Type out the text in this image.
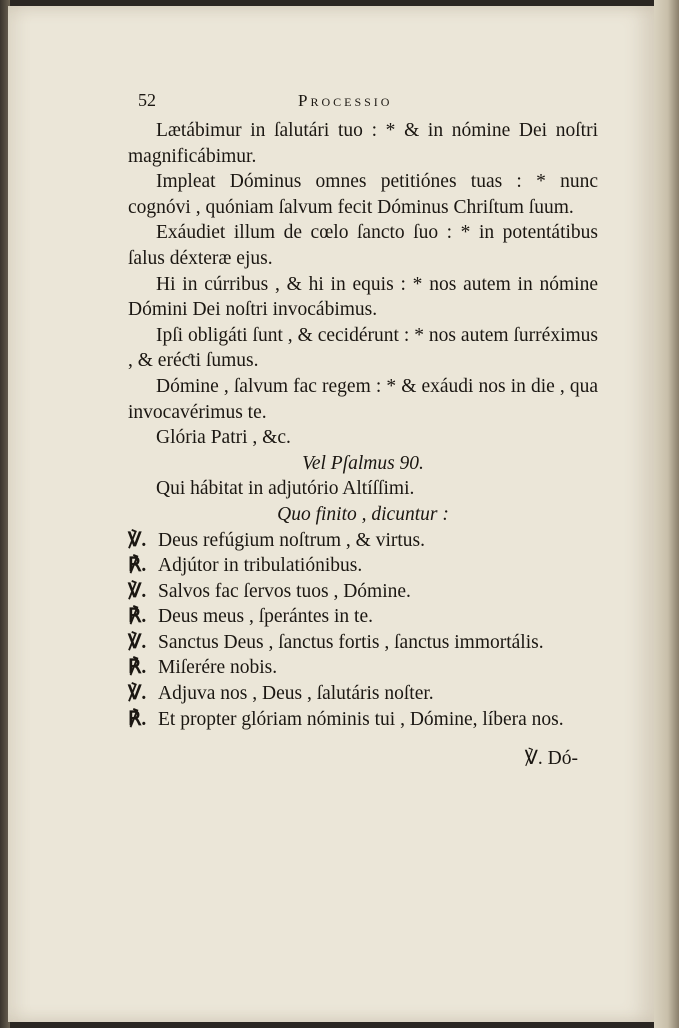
52	Processio

Lætábimur in ſalutári tuo : * & in nómine Dei noſtri magnificábimur.

Impleat Dóminus omnes petitiónes tuas : * nunc cognóvi , quóniam ſalvum fecit Dóminus Chriſtum ſuum.

Exáudiet illum de cœlo ſancto ſuo : * in potentátibus ſalus déxteræ ejus.

Hi in cúrribus , & hi in equis : * nos autem in nómine Dómini Dei noſtri invocábimus.

Ipſi obligáti ſunt , & cecidérunt : * nos autem ſurréximus , & eréƈti ſumus.

Dómine , ſalvum fac regem : * & exáudi nos in die , qua invocavérimus te.

Glória Patri , &c.

Vel Pſalmus 90.

Qui hábitat in adjutório Altíſſimi.

Quo finito , dicuntur :

℣. Deus refúgium noſtrum , & virtus.
℟. Adjútor in tribulatiónibus.
℣. Salvos fac ſervos tuos , Dómine.
℟. Deus meus , ſperántes in te.
℣. Sanctus Deus , ſanctus fortis , ſanctus immortális.
℟. Miſerére nobis.
℣. Adjuva nos , Deus , ſalutáris noſter.
℟. Et propter glóriam nóminis tui , Dómine, líbera nos.

℣. Dó-
